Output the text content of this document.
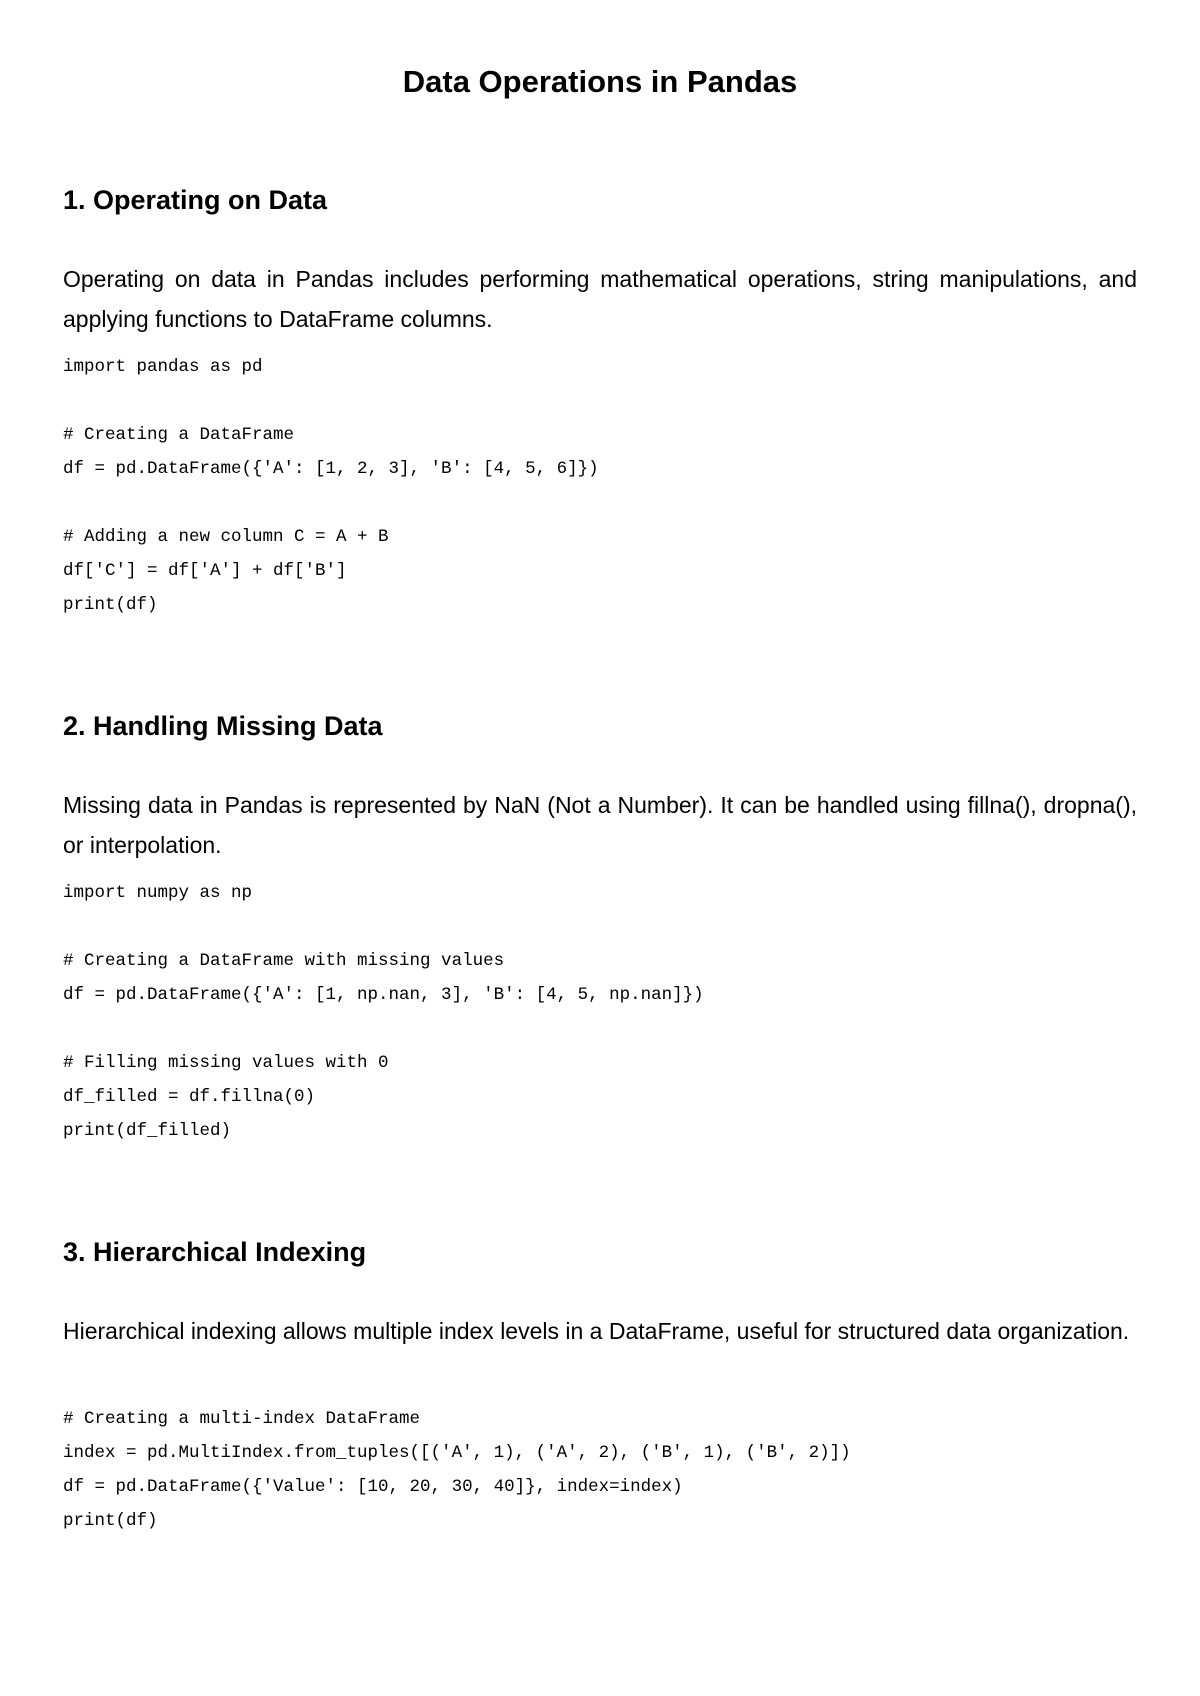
Data Operations in Pandas
1. Operating on Data

Operating on data in Pandas includes performing mathematical operations, string manipulations, and applying functions to DataFrame columns.

import pandas as pd
# Creating a DataFrame
df = pd.DataFrame({'A': [1, 2, 3], 'B': [4, 5, 6]})
# Adding a new column C = A + B
df['C'] = df['A'] + df['B']
print(df)
2. Handling Missing Data

Missing data in Pandas is represented by NaN (Not a Number). It can be handled using fillna(), dropna(), or interpolation.

import numpy as np
# Creating a DataFrame with missing values
df = pd.DataFrame({'A': [1, np.nan, 3], 'B': [4, 5, np.nan]})
# Filling missing values with 0
df_filled = df.fillna(0)
print(df_filled)
3. Hierarchical Indexing

Hierarchical indexing allows multiple index levels in a DataFrame, useful for structured data organization.

# Creating a multi-index DataFrame
index = pd.MultiIndex.from_tuples([('A', 1), ('A', 2), ('B', 1), ('B', 2)])
df = pd.DataFrame({'Value': [10, 20, 30, 40]}, index=index)
print(df)
